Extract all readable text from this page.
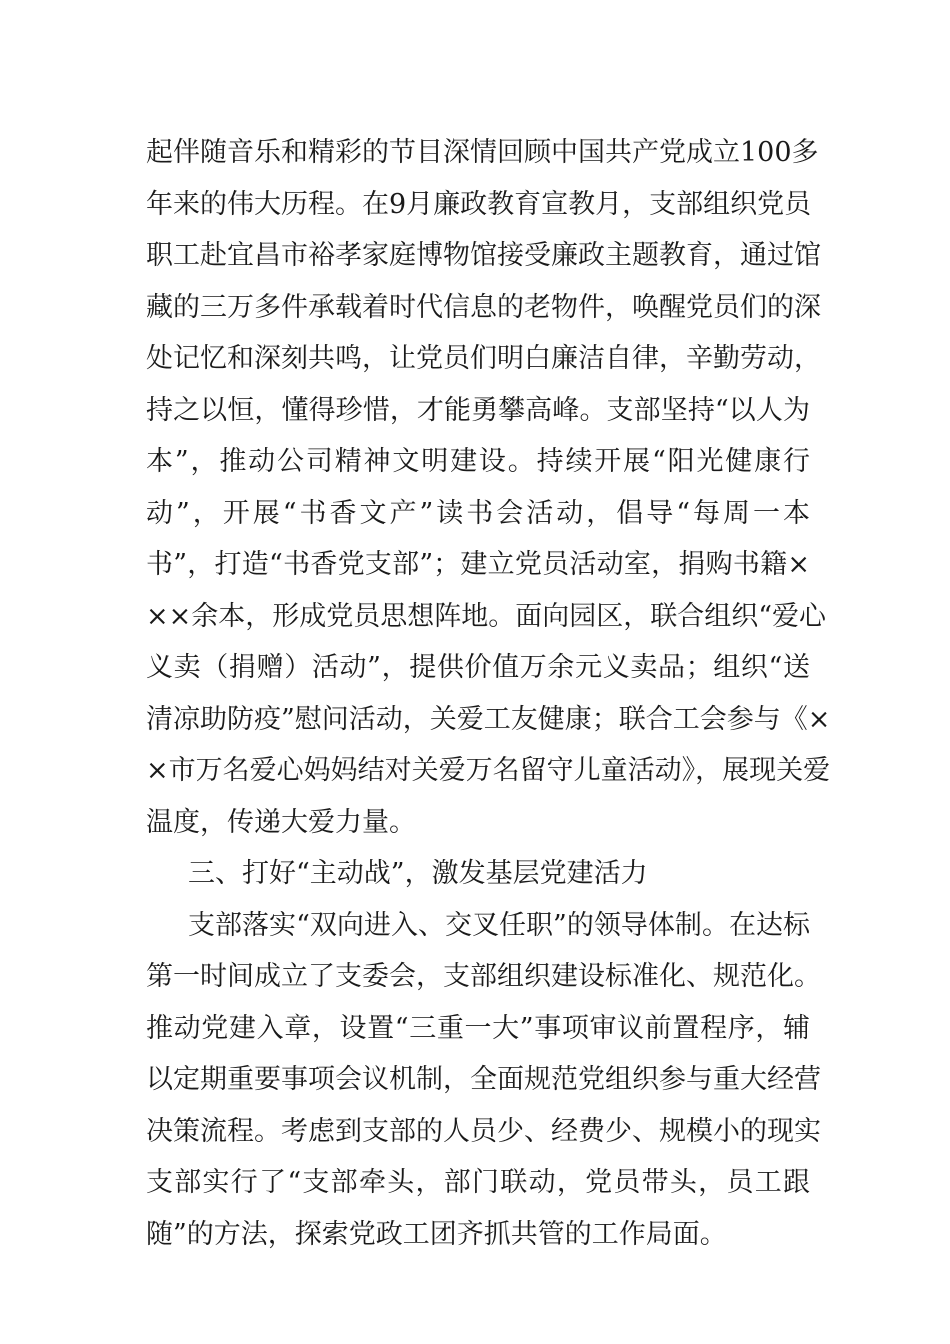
起伴随音乐和精彩的节目深情回顾中国共产党成立100多
年来的伟大历程。在9月廉政教育宣教月，支部组织党员
职工赴宜昌市裕孝家庭博物馆接受廉政主题教育，通过馆
藏的三万多件承载着时代信息的老物件，唤醒党员们的深
处记忆和深刻共鸣，让党员们明白廉洁自律，辛勤劳动，
持之以恒，懂得珍惜，才能勇攀高峰。支部坚持“以人为
本”，推动公司精神文明建设。持续开展“阳光健康行
动”，开展“书香文产”读书会活动，倡导“每周一本
书”，打造“书香党支部”；建立党员活动室，捐购书籍×
××余本，形成党员思想阵地。面向园区，联合组织“爱心
义卖（捐赠）活动”，提供价值万余元义卖品；组织“送
清凉助防疫”慰问活动，关爱工友健康；联合工会参与《×
×市万名爱心妈妈结对关爱万名留守儿童活动》，展现关爱
温度，传递大爱力量。
三、打好“主动战”，激发基层党建活力
支部落实“双向进入、交叉任职”的领导体制。在达标
第一时间成立了支委会，支部组织建设标准化、规范化。
推动党建入章，设置“三重一大”事项审议前置程序，辅
以定期重要事项会议机制，全面规范党组织参与重大经营
决策流程。考虑到支部的人员少、经费少、规模小的现实
支部实行了“支部牵头，部门联动，党员带头，员工跟
随”的方法，探索党政工团齐抓共管的工作局面。
